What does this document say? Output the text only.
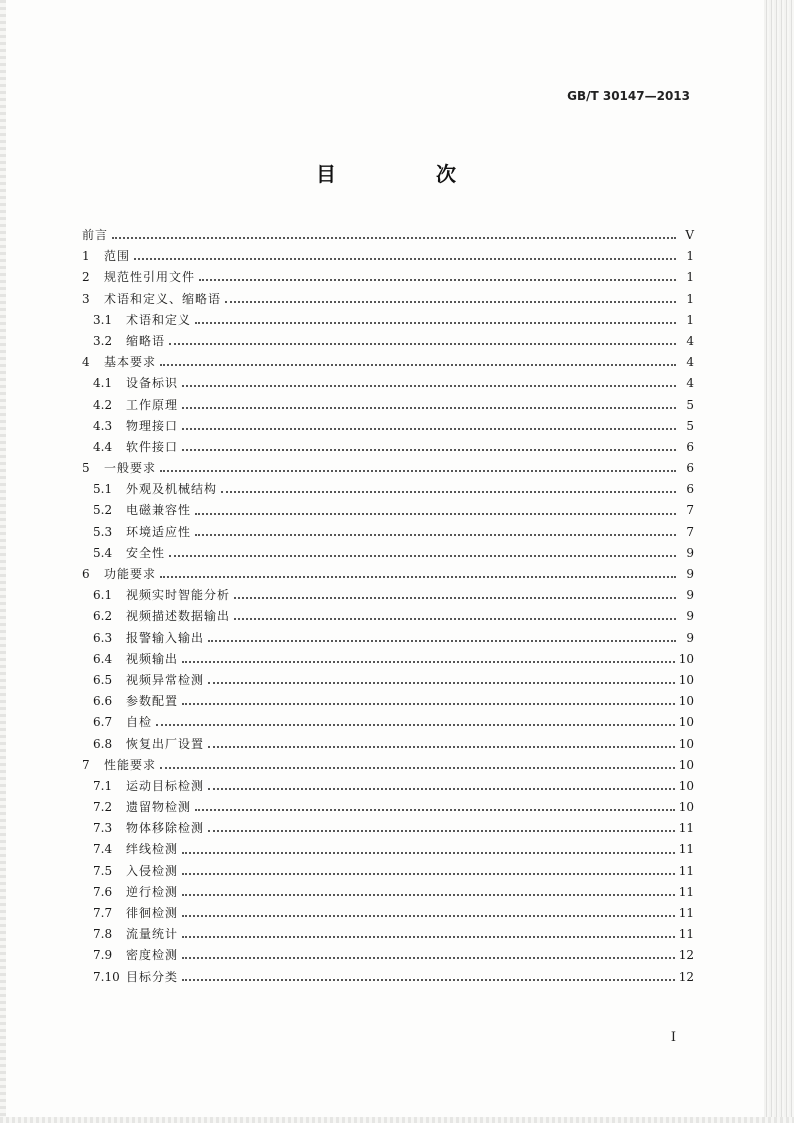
GB/T 30147—2013
目　次
前言	Ⅴ
1	范围	1
2	规范性引用文件	1
3	术语和定义、缩略语	1
3.1	术语和定义	1
3.2	缩略语	4
4	基本要求	4
4.1	设备标识	4
4.2	工作原理	5
4.3	物理接口	5
4.4	软件接口	6
5	一般要求	6
5.1	外观及机械结构	6
5.2	电磁兼容性	7
5.3	环境适应性	7
5.4	安全性	9
6	功能要求	9
6.1	视频实时智能分析	9
6.2	视频描述数据输出	9
6.3	报警输入输出	9
6.4	视频输出	10
6.5	视频异常检测	10
6.6	参数配置	10
6.7	自检	10
6.8	恢复出厂设置	10
7	性能要求	10
7.1	运动目标检测	10
7.2	遗留物检测	10
7.3	物体移除检测	11
7.4	绊线检测	11
7.5	入侵检测	11
7.6	逆行检测	11
7.7	徘徊检测	11
7.8	流量统计	11
7.9	密度检测	12
7.10 目标分类	12
Ⅰ
